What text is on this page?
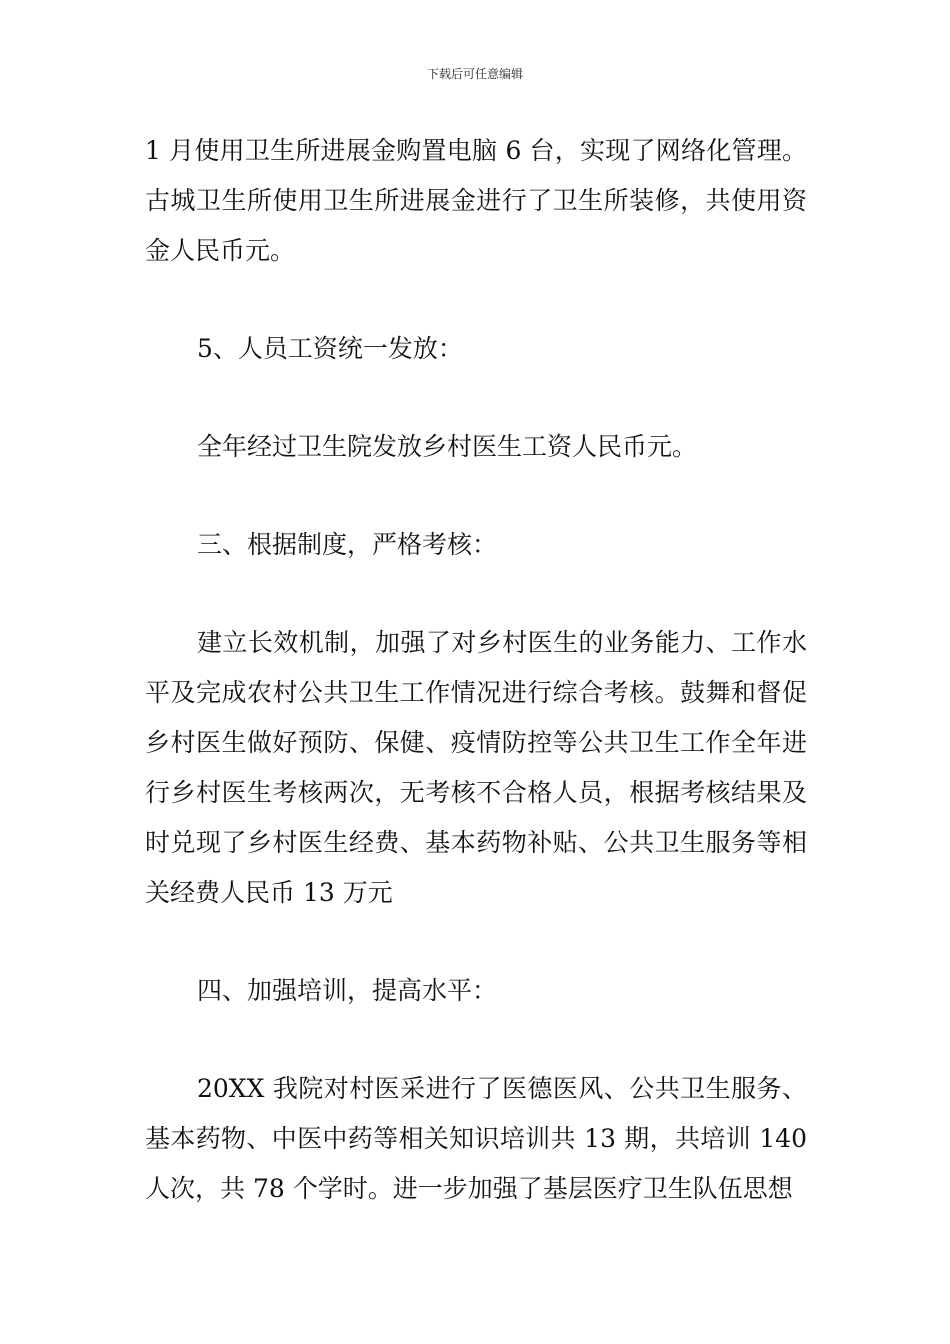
下载后可任意编辑

1 月使用卫生所进展金购置电脑 6 台，实现了网络化管理。古城卫生所使用卫生所进展金进行了卫生所装修，共使用资金人民币元。

5、人员工资统一发放：

全年经过卫生院发放乡村医生工资人民币元。

三、根据制度，严格考核：

建立长效机制，加强了对乡村医生的业务能力、工作水平及完成农村公共卫生工作情况进行综合考核。鼓舞和督促乡村医生做好预防、保健、疫情防控等公共卫生工作全年进行乡村医生考核两次，无考核不合格人员，根据考核结果及时兑现了乡村医生经费、基本药物补贴、公共卫生服务等相关经费人民币 13 万元

四、加强培训，提高水平：

20XX 我院对村医采进行了医德医风、公共卫生服务、基本药物、中医中药等相关知识培训共 13 期，共培训 140 人次，共 78 个学时。进一步加强了基层医疗卫生队伍思想
